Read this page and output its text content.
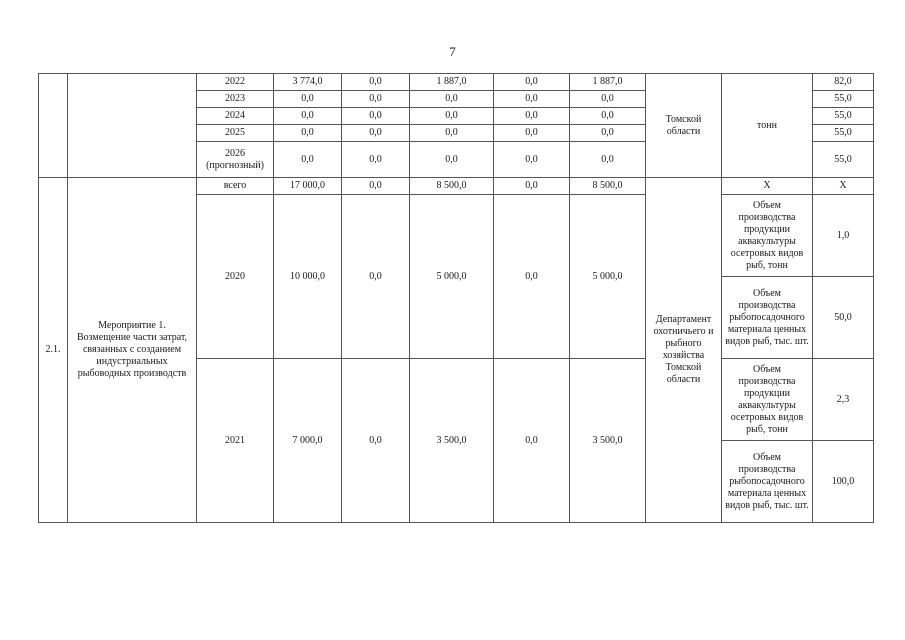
7
		2022	3 774,0	0,0	1 887,0	0,0	1 887,0	Томской области	тонн	82,0
		2023	0,0	0,0	0,0	0,0	0,0			55,0
		2024	0,0	0,0	0,0	0,0	0,0			55,0
		2025	0,0	0,0	0,0	0,0	0,0			55,0
		2026 (прогнозный)	0,0	0,0	0,0	0,0	0,0			55,0
2.1.	Мероприятие 1. Возмещение части затрат, связанных с созданием индустриальных рыбоводных производств	всего	17 000,0	0,0	8 500,0	0,0	8 500,0	Департамент охотничьего и рыбного хозяйства Томской области	Х	Х
		2020	10 000,0	0,0	5 000,0	0,0	5 000,0		Объем производства продукции аквакультуры осетровых видов рыб, тонн	1,0
									Объем производства рыбопосадочного материала ценных видов рыб, тыс. шт.	50,0
		2021	7 000,0	0,0	3 500,0	0,0	3 500,0		Объем производства продукции аквакультуры осетровых видов рыб, тонн	2,3
									Объем производства рыбопосадочного материала ценных видов рыб, тыс. шт.	100,0
